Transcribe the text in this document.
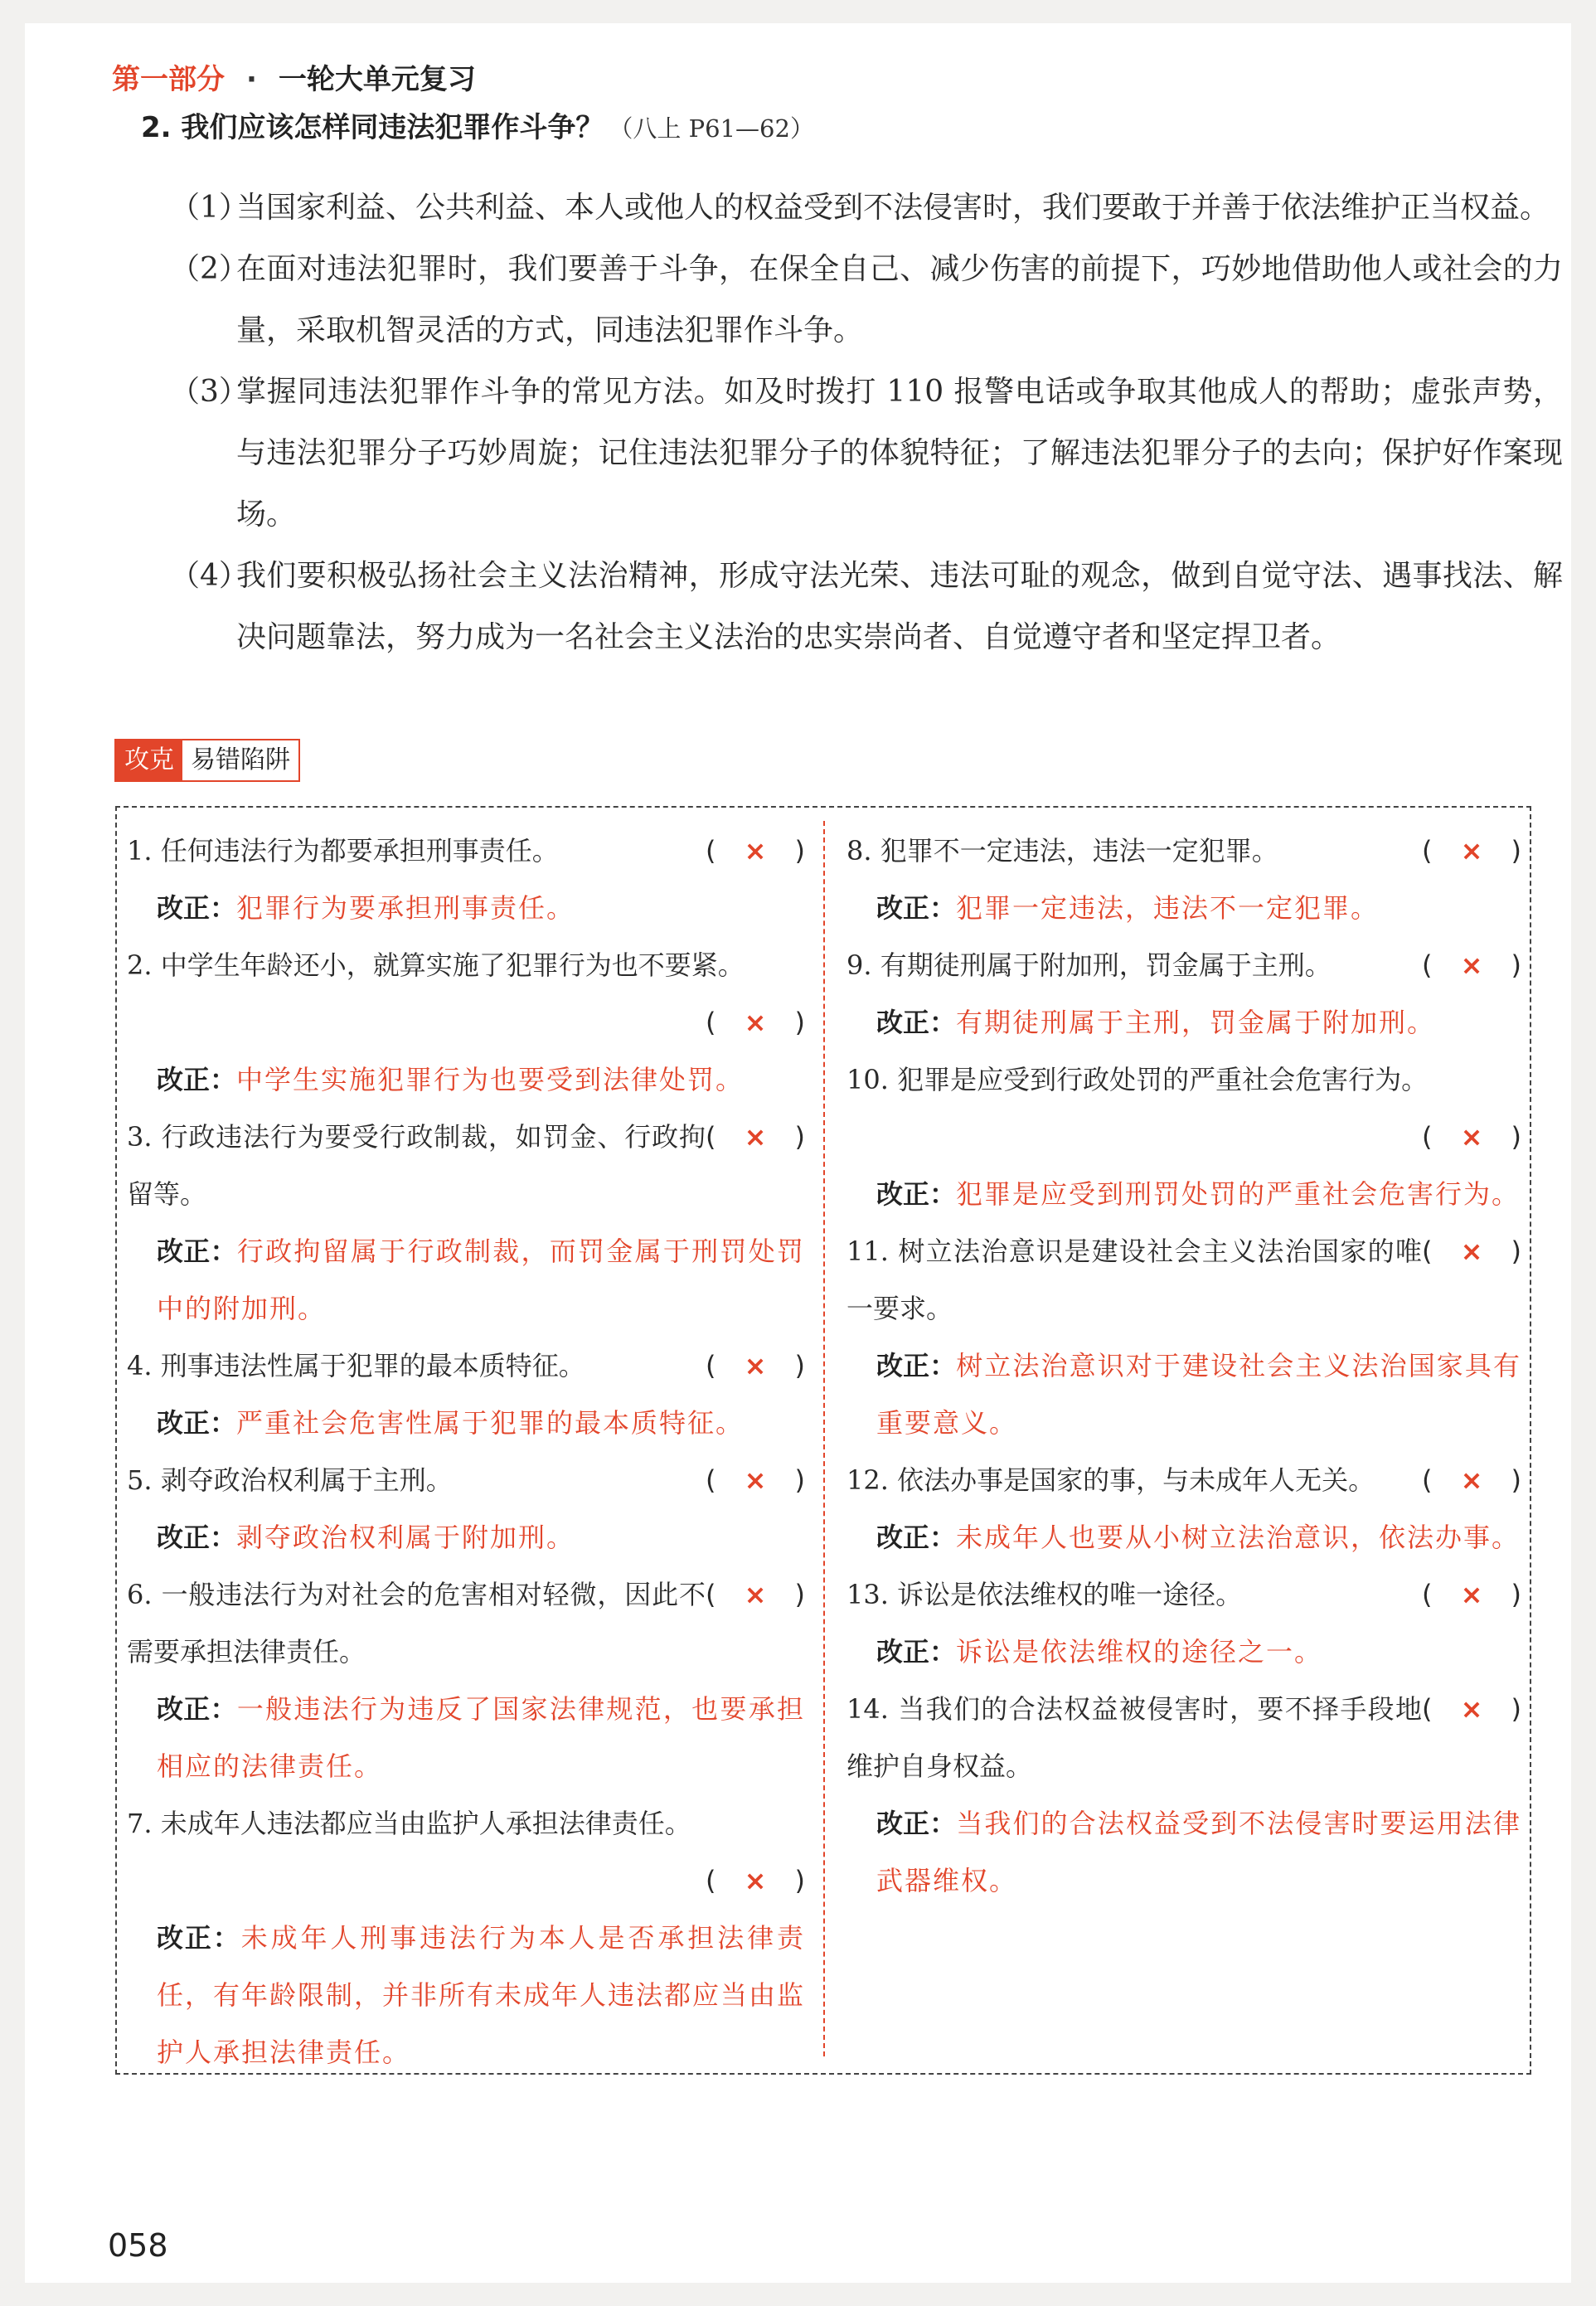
第一部分 · 一轮大单元复习
2. 我们应该怎样同违法犯罪作斗争？ （八上 P61—62）
（1）
当国家利益、公共利益、本人或他人的权益受到不法侵害时，我们要敢于并善于依法维护正当权益。
（2）
在面对违法犯罪时，我们要善于斗争，在保全自己、减少伤害的前提下，巧妙地借助他人或社会的力量，采取机智灵活的方式，同违法犯罪作斗争。
（3）
掌握同违法犯罪作斗争的常见方法。如及时拨打 110 报警电话或争取其他成人的帮助；虚张声势，与违法犯罪分子巧妙周旋；记住违法犯罪分子的体貌特征；了解违法犯罪分子的去向；保护好作案现场。
（4）
我们要积极弘扬社会主义法治精神，形成守法光荣、违法可耻的观念，做到自觉守法、遇事找法、解决问题靠法，努力成为一名社会主义法治的忠实崇尚者、自觉遵守者和坚定捍卫者。
攻克 易错陷阱
( × )
1. 任何违法行为都要承担刑事责任。
改正：犯罪行为要承担刑事责任。
2. 中学生年龄还小，就算实施了犯罪行为也不要紧。
( × )
改正：中学生实施犯罪行为也要受到法律处罚。
( × )
3. 行政违法行为要受行政制裁，如罚金、行政拘留等。
改正：行政拘留属于行政制裁，而罚金属于刑罚处罚中的附加刑。
( × )
4. 刑事违法性属于犯罪的最本质特征。
改正：严重社会危害性属于犯罪的最本质特征。
( × )
5. 剥夺政治权利属于主刑。
改正：剥夺政治权利属于附加刑。
( × )
6. 一般违法行为对社会的危害相对轻微，因此不需要承担法律责任。
改正：一般违法行为违反了国家法律规范，也要承担相应的法律责任。
7. 未成年人违法都应当由监护人承担法律责任。
( × )
改正：未成年人刑事违法行为本人是否承担法律责任，有年龄限制，并非所有未成年人违法都应当由监护人承担法律责任。
( × )
8. 犯罪不一定违法，违法一定犯罪。
改正：犯罪一定违法，违法不一定犯罪。
( × )
9. 有期徒刑属于附加刑，罚金属于主刑。
改正：有期徒刑属于主刑，罚金属于附加刑。
10. 犯罪是应受到行政处罚的严重社会危害行为。
( × )
改正：犯罪是应受到刑罚处罚的严重社会危害行为。
( × )
11. 树立法治意识是建设社会主义法治国家的唯一要求。
改正：树立法治意识对于建设社会主义法治国家具有重要意义。
( × )
12. 依法办事是国家的事，与未成年人无关。
改正：未成年人也要从小树立法治意识，依法办事。
( × )
13. 诉讼是依法维权的唯一途径。
改正：诉讼是依法维权的途径之一。
( × )
14. 当我们的合法权益被侵害时，要不择手段地维护自身权益。
改正：当我们的合法权益受到不法侵害时要运用法律武器维权。
058
